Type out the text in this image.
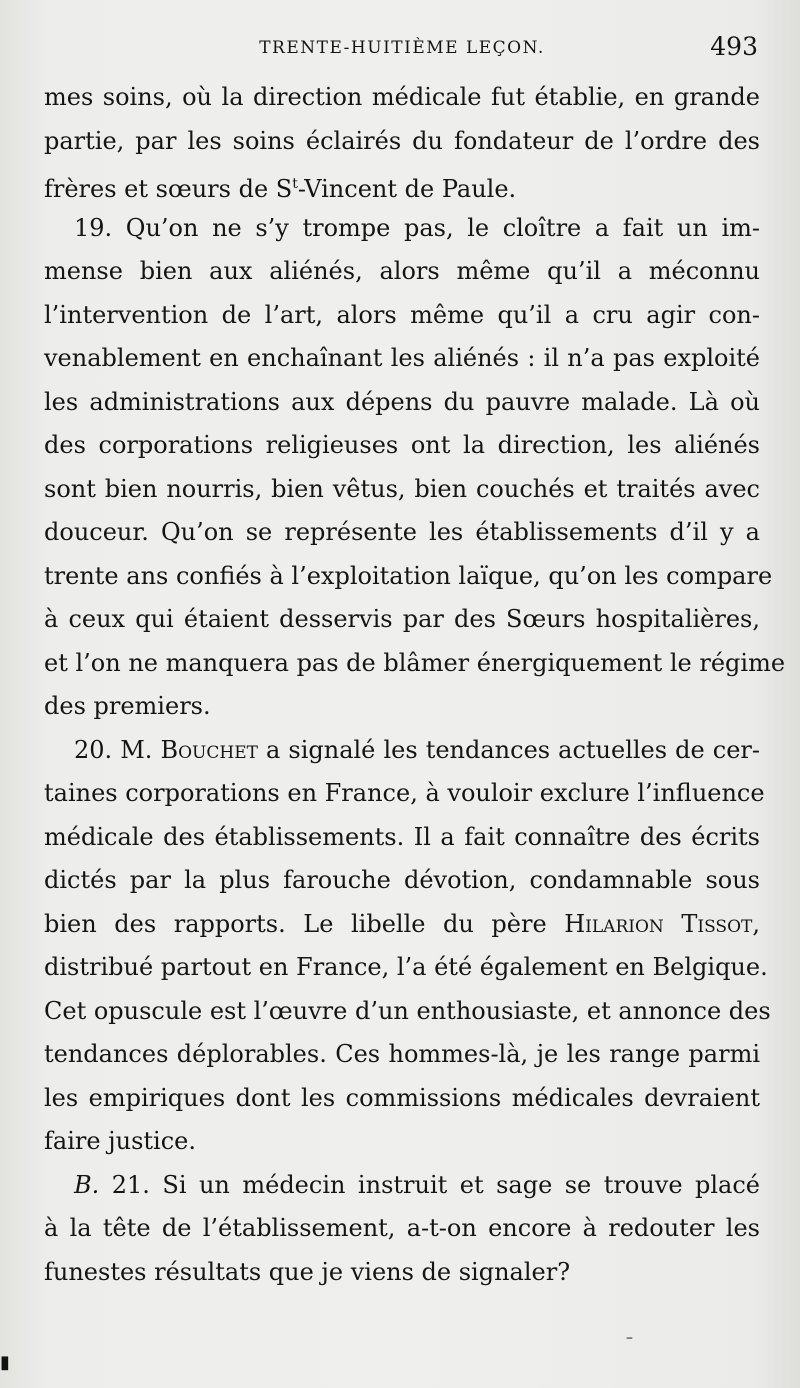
TRENTE-HUITIÈME LEÇON.	493
mes soins, où la direction médicale fut établie, en grande
partie, par les soins éclairés du fondateur de l’ordre des
frères et sœurs de $S^t$-Vincent de Paule.
19. Qu’on ne s’y trompe pas, le cloître a fait un im-
mense bien aux aliénés, alors même qu’il a méconnu
l’intervention de l’art, alors même qu’il a cru agir con-
venablement en enchaînant les aliénés : il n’a pas exploité
les administrations aux dépens du pauvre malade. Là où
des corporations religieuses ont la direction, les aliénés
sont bien nourris, bien vêtus, bien couchés et traités avec
douceur. Qu’on se représente les établissements d’il y a
trente ans confiés à l’exploitation laïque, qu’on les compare
à ceux qui étaient desservis par des Sœurs hospitalières,
et l’on ne manquera pas de blâmer énergiquement le régime
des premiers.
20. M. Bouchet a signalé les tendances actuelles de cer-
taines corporations en France, à vouloir exclure l’influence
médicale des établissements. Il a fait connaître des écrits
dictés par la plus farouche dévotion, condamnable sous
bien des rapports. Le libelle du père Hilarion Tissot,
distribué partout en France, l’a été également en Belgique.
Cet opuscule est l’œuvre d’un enthousiaste, et annonce des
tendances déplorables. Ces hommes-là, je les range parmi
les empiriques dont les commissions médicales devraient
faire justice.
B. 21. Si un médecin instruit et sage se trouve placé
à la tête de l’établissement, a-t-on encore à redouter les
funestes résultats que je viens de signaler?
▮
–
